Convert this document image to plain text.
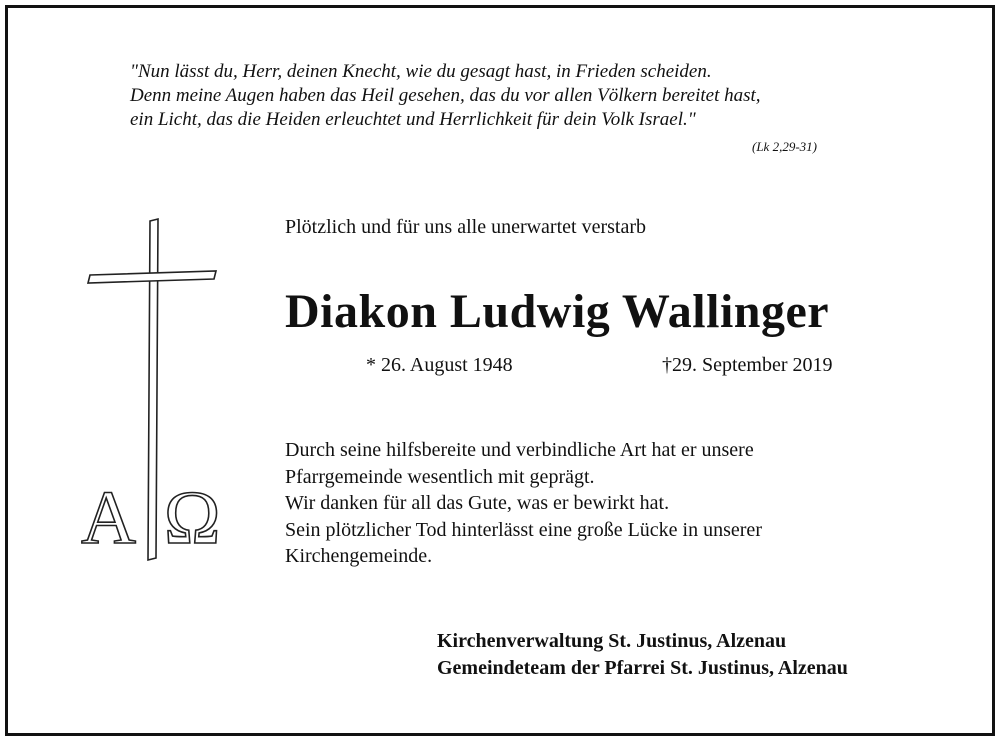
"Nun lässt du, Herr, deinen Knecht, wie du gesagt hast, in Frieden scheiden.
Denn meine Augen haben das Heil gesehen, das du vor allen Völkern bereitet hast,
ein Licht, das die Heiden erleuchtet und Herrlichkeit für dein Volk Israel."
(Lk 2,29-31)
A Ω
Plötzlich und für uns alle unerwartet verstarb
Diakon Ludwig Wallinger
* 26. August 1948	†29. September 2019
Durch seine hilfsbereite und verbindliche Art hat er unsere
Pfarrgemeinde wesentlich mit geprägt.
Wir danken für all das Gute, was er bewirkt hat.
Sein plötzlicher Tod hinterlässt eine große Lücke in unserer
Kirchengemeinde.
Kirchenverwaltung St. Justinus, Alzenau
Gemeindeteam der Pfarrei St. Justinus, Alzenau
